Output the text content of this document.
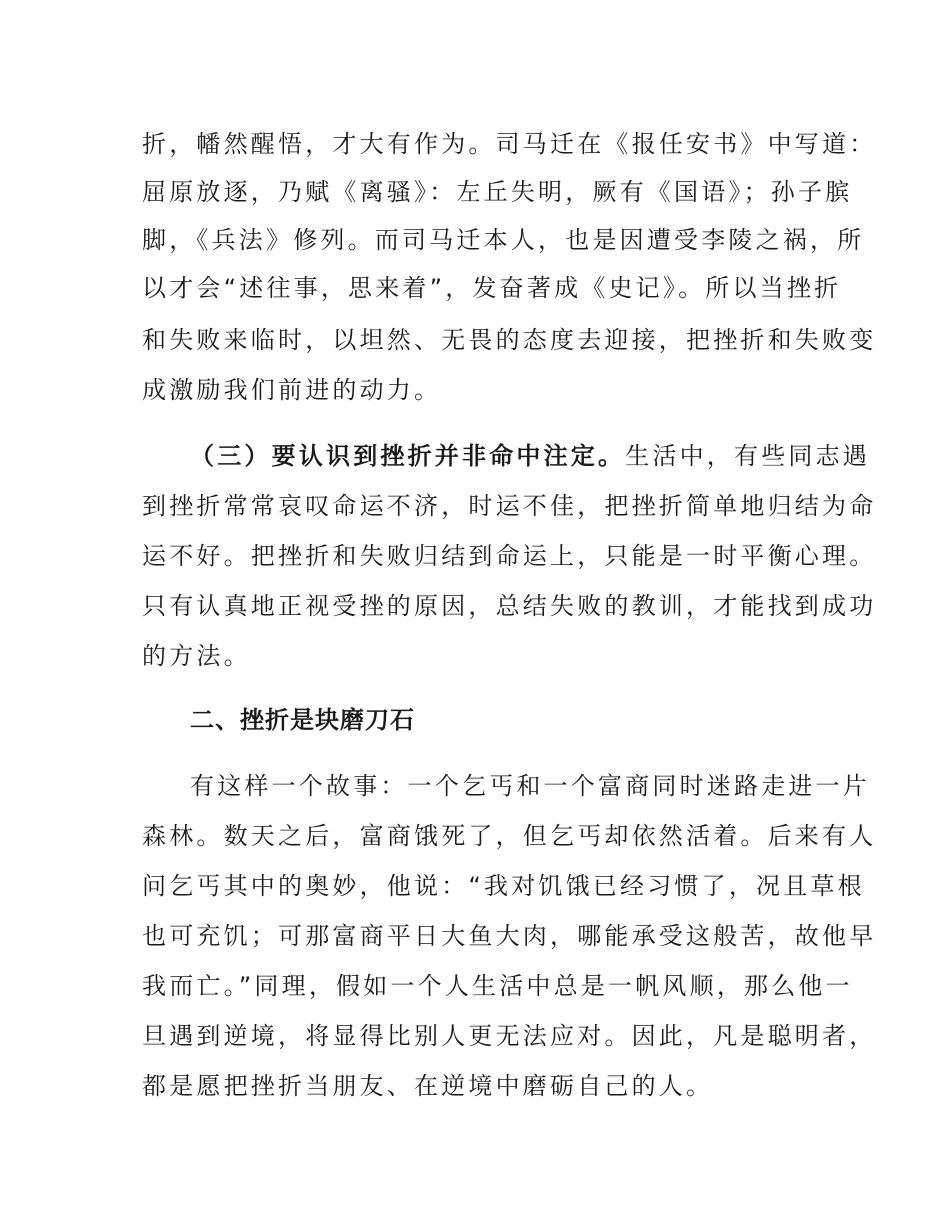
折，幡然醒悟，才大有作为。司马迁在《报任安书》中写道：
屈原放逐，乃赋《离骚》：左丘失明，厥有《国语》；孙子膑
脚，《兵法》修列。而司马迁本人，也是因遭受李陵之祸，所
以才会“述往事，思来着”，发奋著成《史记》。所以当挫折
和失败来临时，以坦然、无畏的态度去迎接，把挫折和失败变
成激励我们前进的动力。
（三）要认识到挫折并非命中注定。生活中，有些同志遇
到挫折常常哀叹命运不济，时运不佳，把挫折简单地归结为命
运不好。把挫折和失败归结到命运上，只能是一时平衡心理。
只有认真地正视受挫的原因，总结失败的教训，才能找到成功
的方法。
二、挫折是块磨刀石
有这样一个故事：一个乞丐和一个富商同时迷路走进一片
森林。数天之后，富商饿死了，但乞丐却依然活着。后来有人
问乞丐其中的奥妙，他说：“我对饥饿已经习惯了，况且草根
也可充饥；可那富商平日大鱼大肉，哪能承受这般苦，故他早
我而亡。”同理，假如一个人生活中总是一帆风顺，那么他一
旦遇到逆境，将显得比别人更无法应对。因此，凡是聪明者，
都是愿把挫折当朋友、在逆境中磨砺自己的人。
